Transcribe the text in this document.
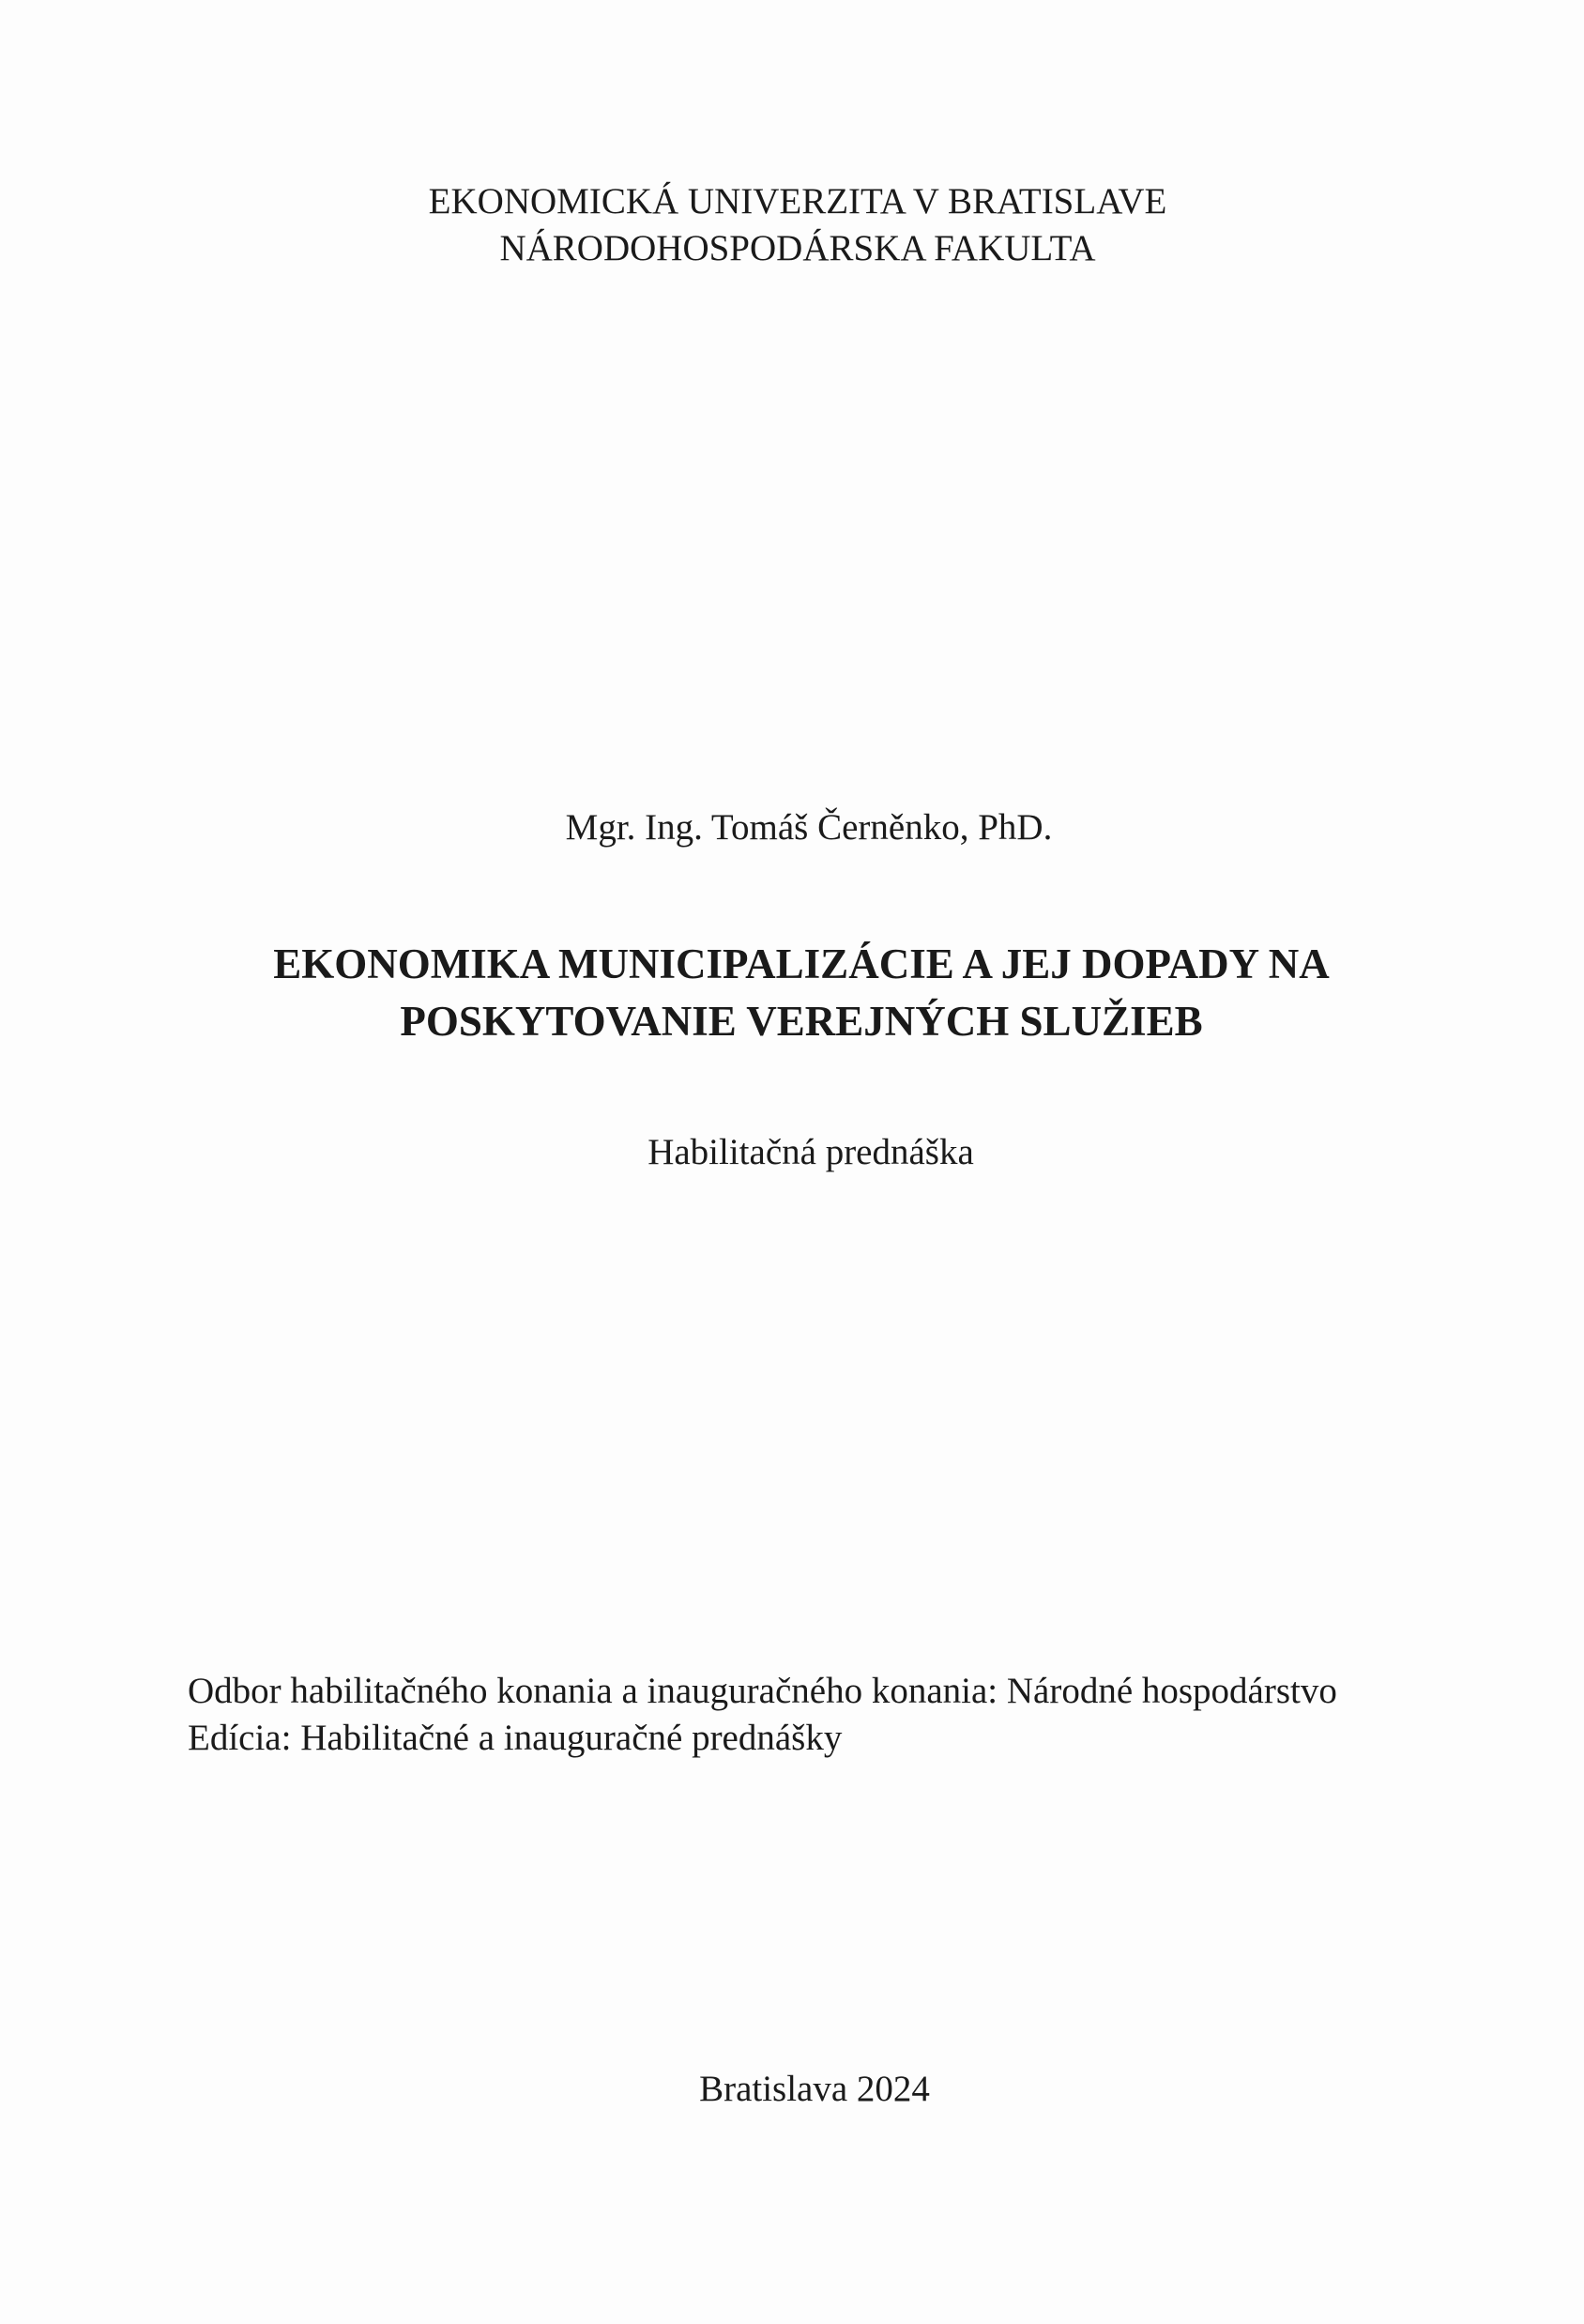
EKONOMICKÁ UNIVERZITA V BRATISLAVE
NÁRODOHOSPODÁRSKA FAKULTA
Mgr. Ing. Tomáš Černěnko, PhD.
EKONOMIKA MUNICIPALIZÁCIE A JEJ DOPADY NA
POSKYTOVANIE VEREJNÝCH SLUŽIEB
Habilitačná prednáška
Odbor habilitačného konania a inauguračného konania: Národné hospodárstvo
Edícia: Habilitačné a inauguračné prednášky
Bratislava 2024
